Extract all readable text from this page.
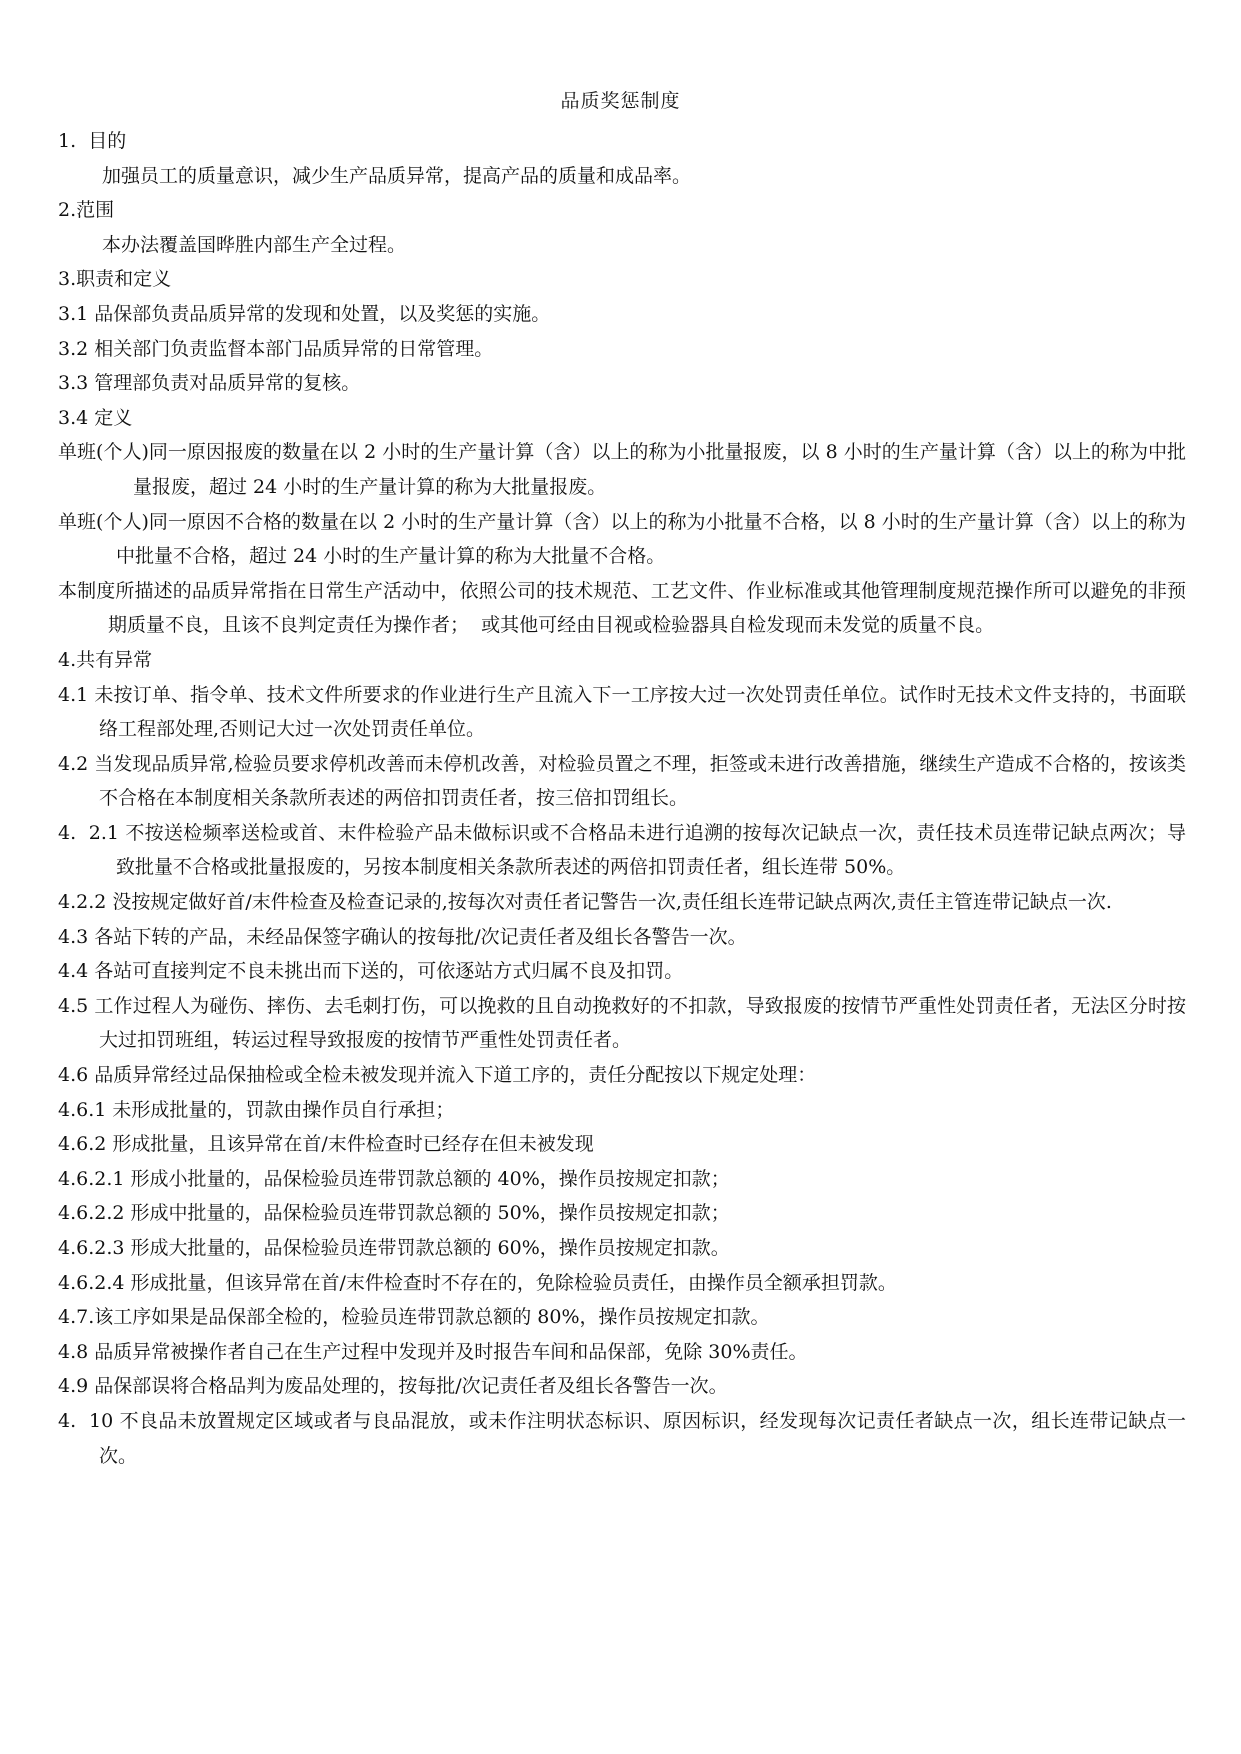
品质奖惩制度

1.  目的

加强员工的质量意识，减少生产品质异常，提高产品的质量和成品率。

2.范围

本办法覆盖国晔胜内部生产全过程。

3.职责和定义

3.1 品保部负责品质异常的发现和处置，以及奖惩的实施。

3.2 相关部门负责监督本部门品质异常的日常管理。

3.3 管理部负责对品质异常的复核。

3.4 定义

单班(个人)同一原因报废的数量在以 2 小时的生产量计算（含）以上的称为小批量报废，以 8 小时的生产量计算（含）以上的称为中批量报废，超过 24 小时的生产量计算的称为大批量报废。

单班(个人)同一原因不合格的数量在以 2 小时的生产量计算（含）以上的称为小批量不合格，以 8 小时的生产量计算（含）以上的称为中批量不合格，超过 24 小时的生产量计算的称为大批量不合格。

本制度所描述的品质异常指在日常生产活动中，依照公司的技术规范、工艺文件、作业标准或其他管理制度规范操作所可以避免的非预期质量不良，且该不良判定责任为操作者；  或其他可经由目视或检验器具自检发现而未发觉的质量不良。

4.共有异常

4.1 未按订单、指令单、技术文件所要求的作业进行生产且流入下一工序按大过一次处罚责任单位。试作时无技术文件支持的，书面联络工程部处理,否则记大过一次处罚责任单位。

4.2 当发现品质异常,检验员要求停机改善而未停机改善，对检验员置之不理，拒签或未进行改善措施，继续生产造成不合格的，按该类不合格在本制度相关条款所表述的两倍扣罚责任者，按三倍扣罚组长。

4.  2.1 不按送检频率送检或首、末件检验产品未做标识或不合格品未进行追溯的按每次记缺点一次，责任技术员连带记缺点两次；导致批量不合格或批量报废的，另按本制度相关条款所表述的两倍扣罚责任者，组长连带 50%。

4.2.2 没按规定做好首/末件检查及检查记录的,按每次对责任者记警告一次,责任组长连带记缺点两次,责任主管连带记缺点一次.

4.3 各站下转的产品，未经品保签字确认的按每批/次记责任者及组长各警告一次。

4.4 各站可直接判定不良未挑出而下送的，可依逐站方式归属不良及扣罚。

4.5 工作过程人为碰伤、摔伤、去毛刺打伤，可以挽救的且自动挽救好的不扣款，导致报废的按情节严重性处罚责任者，无法区分时按大过扣罚班组，转运过程导致报废的按情节严重性处罚责任者。

4.6 品质异常经过品保抽检或全检未被发现并流入下道工序的，责任分配按以下规定处理：

4.6.1 未形成批量的，罚款由操作员自行承担；

4.6.2 形成批量，且该异常在首/末件检查时已经存在但未被发现

4.6.2.1 形成小批量的，品保检验员连带罚款总额的 40%，操作员按规定扣款；

4.6.2.2 形成中批量的，品保检验员连带罚款总额的 50%，操作员按规定扣款；

4.6.2.3 形成大批量的，品保检验员连带罚款总额的 60%，操作员按规定扣款。

4.6.2.4 形成批量，但该异常在首/末件检查时不存在的，免除检验员责任，由操作员全额承担罚款。

4.7.该工序如果是品保部全检的，检验员连带罚款总额的 80%，操作员按规定扣款。

4.8 品质异常被操作者自己在生产过程中发现并及时报告车间和品保部，免除 30%责任。

4.9 品保部误将合格品判为废品处理的，按每批/次记责任者及组长各警告一次。

4.  10 不良品未放置规定区域或者与良品混放，或未作注明状态标识、原因标识，经发现每次记责任者缺点一次，组长连带记缺点一次。
